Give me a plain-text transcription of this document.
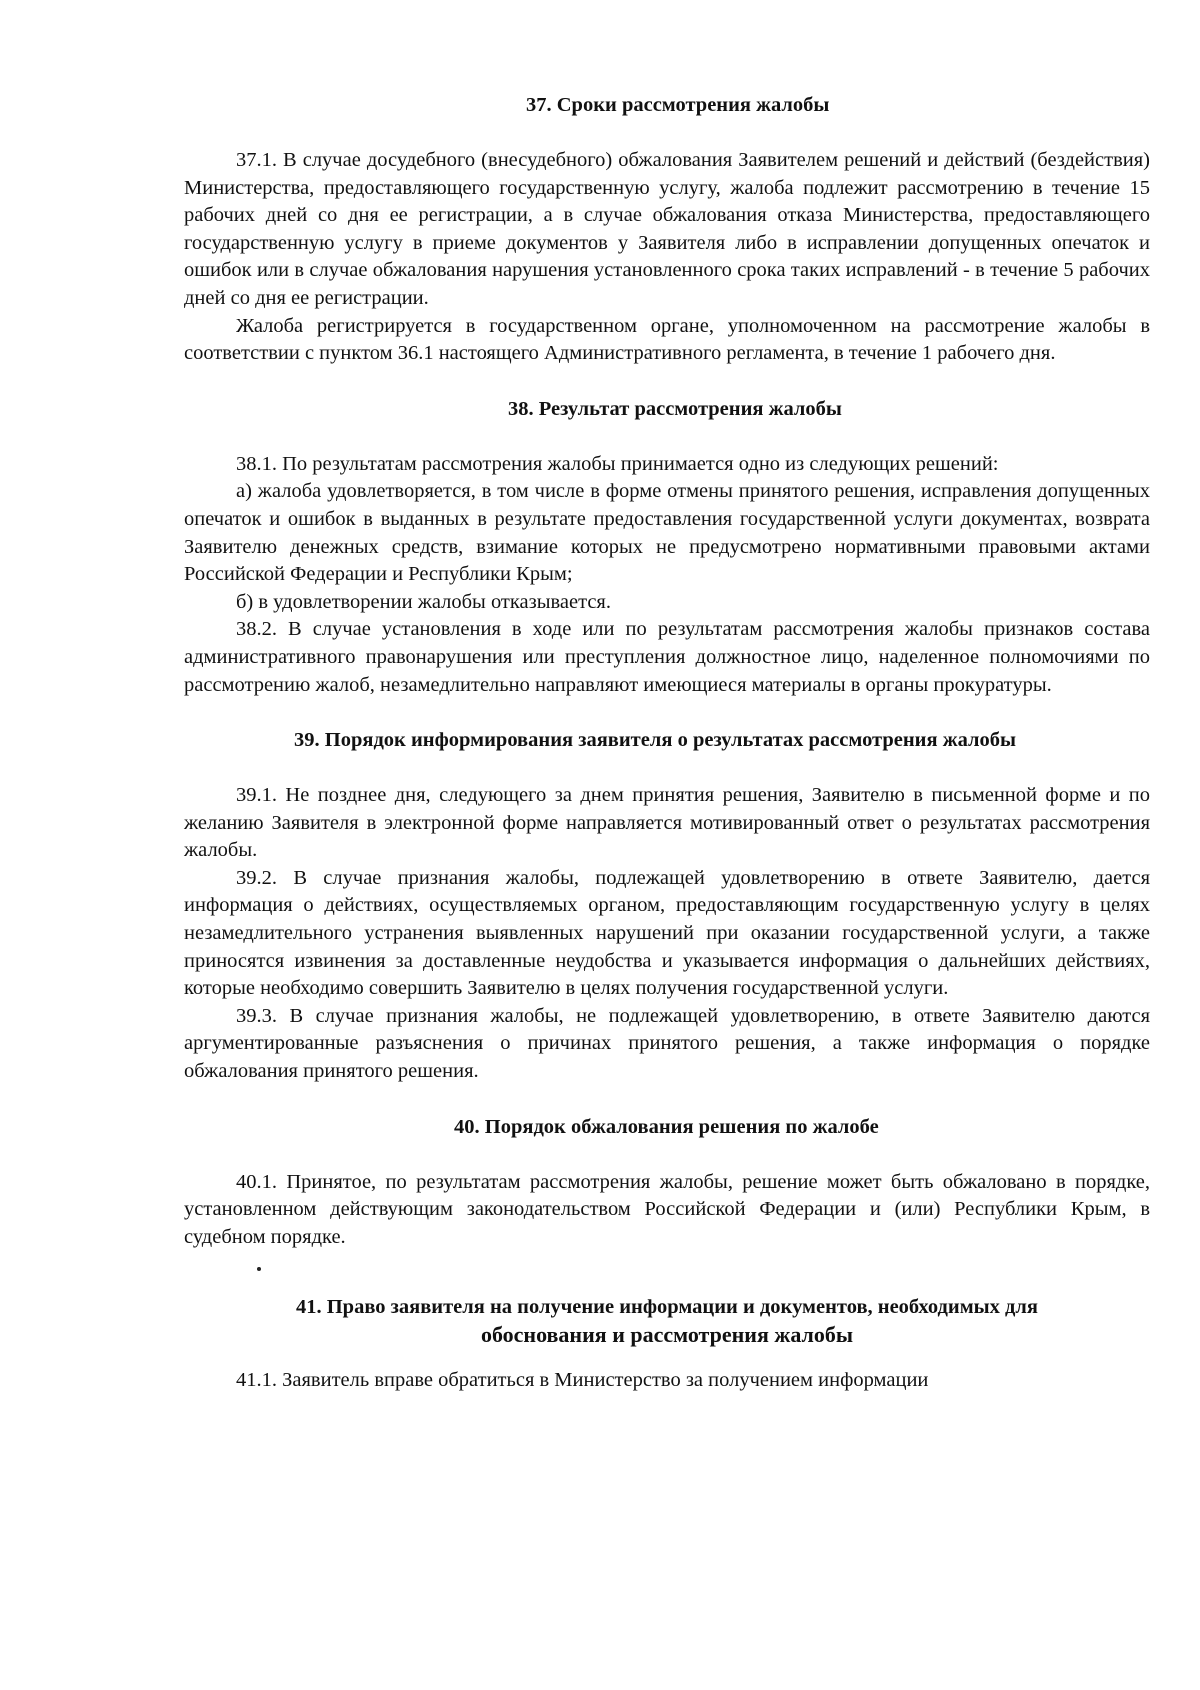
37. Сроки рассмотрения жалобы

37.1. В случае досудебного (внесудебного) обжалования Заявителем решений и действий (бездействия) Министерства, предоставляющего государственную услугу, жалоба подлежит рассмотрению в течение 15 рабочих дней со дня ее регистрации, а в случае обжалования отказа Министерства, предоставляющего государственную услугу в приеме документов у Заявителя либо в исправлении допущенных опечаток и ошибок или в случае обжалования нарушения установленного срока таких исправлений - в течение 5 рабочих дней со дня ее регистрации.

Жалоба регистрируется в государственном органе, уполномоченном на рассмотрение жалобы в соответствии с пунктом 36.1 настоящего Административного регламента, в течение 1 рабочего дня.

38. Результат рассмотрения жалобы

38.1. По результатам рассмотрения жалобы принимается одно из следующих решений:

а) жалоба удовлетворяется, в том числе в форме отмены принятого решения, исправления допущенных опечаток и ошибок в выданных в результате предоставления государственной услуги документах, возврата Заявителю денежных средств, взимание которых не предусмотрено нормативными правовыми актами Российской Федерации и Республики Крым;

б) в удовлетворении жалобы отказывается.

38.2. В случае установления в ходе или по результатам рассмотрения жалобы признаков состава административного правонарушения или преступления должностное лицо, наделенное полномочиями по рассмотрению жалоб, незамедлительно направляют имеющиеся материалы в органы прокуратуры.

39. Порядок информирования заявителя о результатах рассмотрения жалобы

39.1. Не позднее дня, следующего за днем принятия решения, Заявителю в письменной форме и по желанию Заявителя в электронной форме направляется мотивированный ответ о результатах рассмотрения жалобы.

39.2. В случае признания жалобы, подлежащей удовлетворению в ответе Заявителю, дается информация о действиях, осуществляемых органом, предоставляющим государственную услугу в целях незамедлительного устранения выявленных нарушений при оказании государственной услуги, а также приносятся извинения за доставленные неудобства и указывается информация о дальнейших действиях, которые необходимо совершить Заявителю в целях получения государственной услуги.

39.3. В случае признания жалобы, не подлежащей удовлетворению, в ответе Заявителю даются аргументированные разъяснения о причинах принятого решения, а также информация о порядке обжалования принятого решения.

40. Порядок обжалования решения по жалобе

40.1. Принятое, по результатам рассмотрения жалобы, решение может быть обжаловано в порядке, установленном действующим законодательством Российской Федерации и (или) Республики Крым, в судебном порядке.

41. Право заявителя на получение информации и документов, необходимых для
обоснования и рассмотрения жалобы

41.1. Заявитель вправе обратиться в Министерство за получением информации
